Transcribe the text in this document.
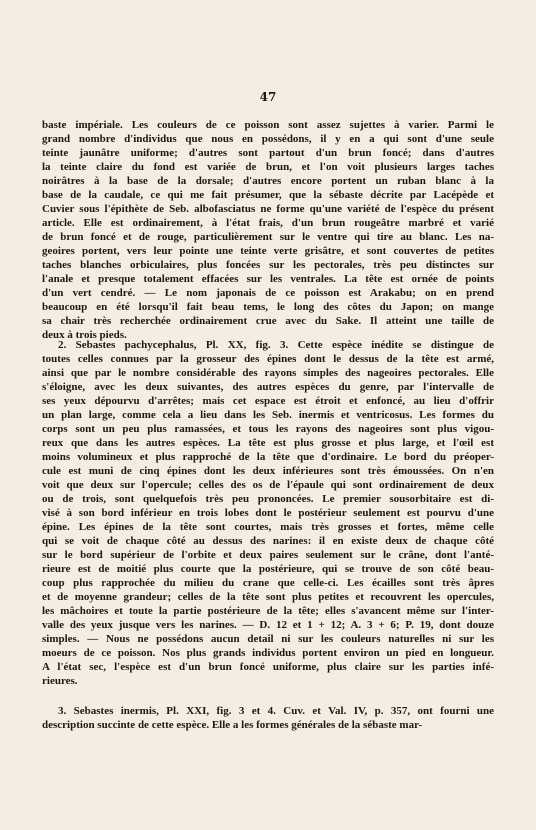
47
baste impériale. Les couleurs de ce poisson sont assez sujettes à varier. Parmi le
grand nombre d'individus que nous en possédons, il y en a qui sont d'une seule
teinte jaunâtre uniforme; d'autres sont partout d'un brun foncé; dans d'autres
la teinte claire du fond est variée de brun, et l'on voit plusieurs larges taches
noirâtres à la base de la dorsale; d'autres encore portent un ruban blanc à la
base de la caudale, ce qui me fait présumer, que la sébaste décrite par Lacépède et
Cuvier sous l'épithète de Seb. albofasciatus ne forme qu'une variété de l'espèce du présent
article. Elle est ordinairement, à l'état frais, d'un brun rougeâtre marbré et varié
de brun foncé et de rouge, particulièrement sur le ventre qui tire au blanc. Les na-
geoires portent, vers leur pointe une teinte verte grisâtre, et sont couvertes de petites
taches blanches orbiculaires, plus foncées sur les pectorales, très peu distinctes sur
l'anale et presque totalement effacées sur les ventrales. La tête est ornée de points
d'un vert cendré. — Le nom japonais de ce poisson est Arakabu; on en prend
beaucoup en été lorsqu'il fait beau tems, le long des côtes du Japon; on mange
sa chair très recherchée ordinairement crue avec du Sake. Il atteint une taille de
deux à trois pieds.
2. Sebastes pachycephalus, Pl. XX, fig. 3. Cette espèce inédite se distingue de
toutes celles connues par la grosseur des épines dont le dessus de la tête est armé,
ainsi que par le nombre considérable des rayons simples des nageoires pectorales. Elle
s'éloigne, avec les deux suivantes, des autres espèces du genre, par l'intervalle de
ses yeux dépourvu d'arrêtes; mais cet espace est étroit et enfoncé, au lieu d'offrir
un plan large, comme cela a lieu dans les Seb. inermis et ventricosus. Les formes du
corps sont un peu plus ramassées, et tous les rayons des nageoires sont plus vigou-
reux que dans les autres espèces. La tête est plus grosse et plus large, et l'œil est
moins volumineux et plus rapproché de la tête que d'ordinaire. Le bord du préoper-
cule est muni de cinq épines dont les deux inférieures sont très émoussées. On n'en
voit que deux sur l'opercule; celles des os de l'épaule qui sont ordinairement de deux
ou de trois, sont quelquefois très peu prononcées. Le premier sousorbitaire est di-
visé à son bord inférieur en trois lobes dont le postérieur seulement est pourvu d'une
épine. Les épines de la tête sont courtes, mais très grosses et fortes, même celle
qui se voit de chaque côté au dessus des narines: il en existe deux de chaque côté
sur le bord supérieur de l'orbite et deux paires seulement sur le crâne, dont l'anté-
rieure est de moitié plus courte que la postérieure, qui se trouve de son côté beau-
coup plus rapprochée du milieu du crane que celle-ci. Les écailles sont très âpres
et de moyenne grandeur; celles de la tête sont plus petites et recouvrent les opercules,
les mâchoires et toute la partie postérieure de la tête; elles s'avancent même sur l'inter-
valle des yeux jusque vers les narines. — D. 12 et 1 + 12; A. 3 + 6; P. 19, dont douze
simples. — Nous ne possédons aucun detail ni sur les couleurs naturelles ni sur les
moeurs de ce poisson. Nos plus grands individus portent environ un pied en longueur.
A l'état sec, l'espèce est d'un brun foncé uniforme, plus claire sur les parties infé-
rieures.
3. Sebastes inermis, Pl. XXI, fig. 3 et 4. Cuv. et Val. IV, p. 357, ont fourni une
description succinte de cette espèce. Elle a les formes générales de la sébaste mar-
